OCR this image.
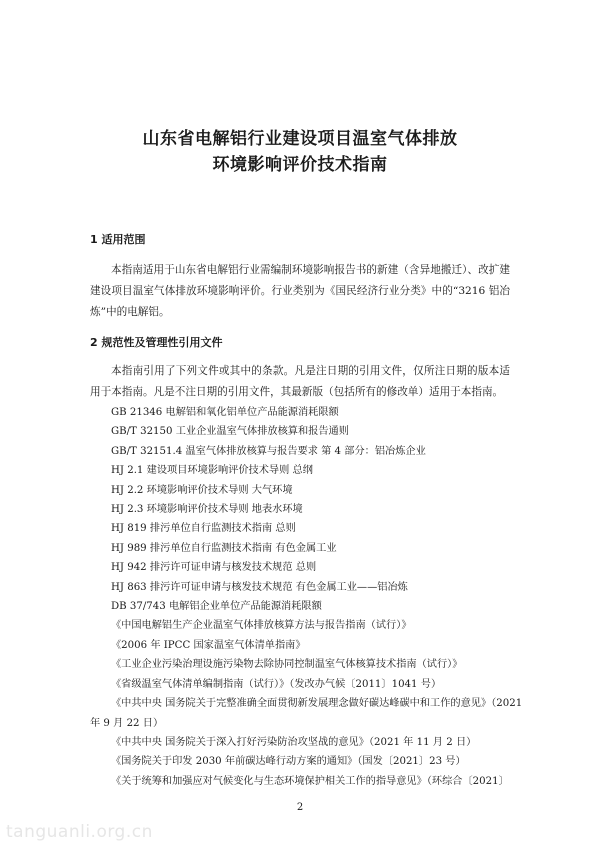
山东省电解铝行业建设项目温室气体排放
环境影响评价技术指南
1 适用范围

本指南适用于山东省电解铝行业需编制环境影响报告书的新建（含异地搬迁）、改扩建建设项目温室气体排放环境影响评价。行业类别为《国民经济行业分类》中的“3216 铝冶炼”中的电解铝。

2 规范性及管理性引用文件

本指南引用了下列文件或其中的条款。凡是注日期的引用文件，仅所注日期的版本适用于本指南。凡是不注日期的引用文件，其最新版（包括所有的修改单）适用于本指南。

GB 21346 电解铝和氧化铝单位产品能源消耗限额
GB/T 32150 工业企业温室气体排放核算和报告通则
GB/T 32151.4 温室气体排放核算与报告要求 第 4 部分：铝冶炼企业
HJ 2.1 建设项目环境影响评价技术导则 总纲
HJ 2.2 环境影响评价技术导则 大气环境
HJ 2.3 环境影响评价技术导则 地表水环境
HJ 819 排污单位自行监测技术指南 总则
HJ 989 排污单位自行监测技术指南 有色金属工业
HJ 942 排污许可证申请与核发技术规范 总则
HJ 863 排污许可证申请与核发技术规范 有色金属工业——铝冶炼
DB 37/743 电解铝企业单位产品能源消耗限额
《中国电解铝生产企业温室气体排放核算方法与报告指南（试行）》
《2006 年 IPCC 国家温室气体清单指南》
《工业企业污染治理设施污染物去除协同控制温室气体核算技术指南（试行）》
《省级温室气体清单编制指南（试行）》（发改办气候〔2011〕1041 号）
《中共中央 国务院关于完整准确全面贯彻新发展理念做好碳达峰碳中和工作的意见》（2021 年 9 月 22 日）
《中共中央 国务院关于深入打好污染防治攻坚战的意见》（2021 年 11 月 2 日）
《国务院关于印发 2030 年前碳达峰行动方案的通知》（国发〔2021〕23 号）
《关于统筹和加强应对气候变化与生态环境保护相关工作的指导意见》（环综合〔2021〕

2

tanguanli.org.cn
